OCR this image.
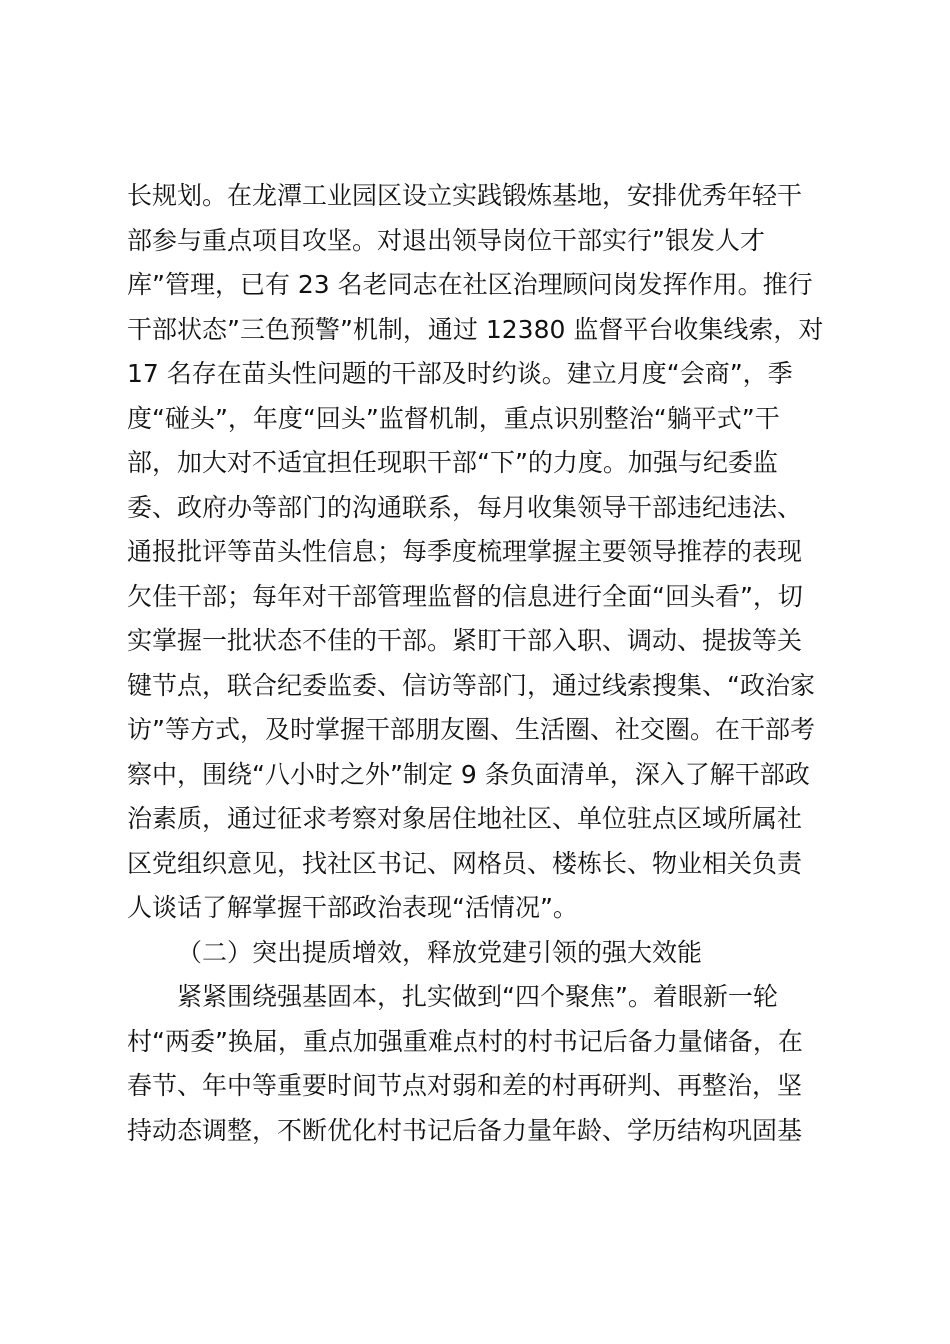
长规划。在龙潭工业园区设立实践锻炼基地，安排优秀年轻干
部参与重点项目攻坚。对退出领导岗位干部实行”银发人才
库”管理，已有 23 名老同志在社区治理顾问岗发挥作用。推行
干部状态”三色预警”机制，通过 12380 监督平台收集线索，对
17 名存在苗头性问题的干部及时约谈。建立月度“会商”，季
度“碰头”，年度“回头”监督机制，重点识别整治“躺平式”干
部，加大对不适宜担任现职干部“下”的力度。加强与纪委监
委、政府办等部门的沟通联系，每月收集领导干部违纪违法、
通报批评等苗头性信息；每季度梳理掌握主要领导推荐的表现
欠佳干部；每年对干部管理监督的信息进行全面“回头看”，切
实掌握一批状态不佳的干部。紧盯干部入职、调动、提拔等关
键节点，联合纪委监委、信访等部门，通过线索搜集、“政治家
访”等方式，及时掌握干部朋友圈、生活圈、社交圈。在干部考
察中，围绕“八小时之外”制定 9 条负面清单，深入了解干部政
治素质，通过征求考察对象居住地社区、单位驻点区域所属社
区党组织意见，找社区书记、网格员、楼栋长、物业相关负责
人谈话了解掌握干部政治表现“活情况”。
（二）突出提质增效，释放党建引领的强大效能
紧紧围绕强基固本，扎实做到“四个聚焦”。着眼新一轮
村“两委”换届，重点加强重难点村的村书记后备力量储备，在
春节、年中等重要时间节点对弱和差的村再研判、再整治，坚
持动态调整，不断优化村书记后备力量年龄、学历结构巩固基
